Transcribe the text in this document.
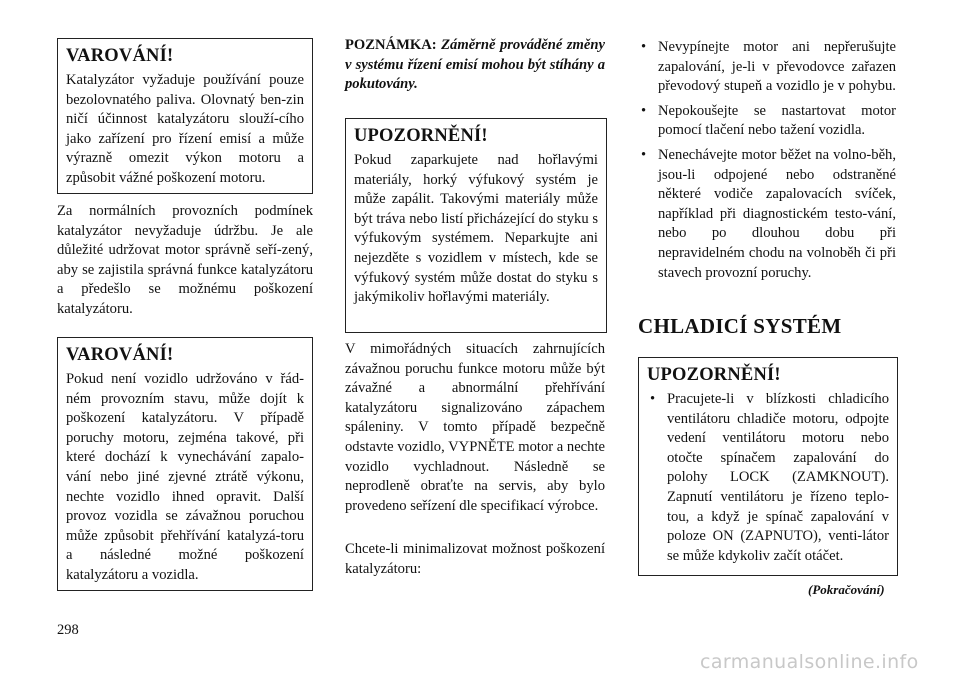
VAROVÁNÍ!
Katalyzátor vyžaduje používání pouze bezolovnatého paliva. Olovnatý ben-zin ničí účinnost katalyzátoru slouží-cího jako zařízení pro řízení emisí a může výrazně omezit výkon motoru a způsobit vážné poškození motoru.
Za normálních provozních podmínek katalyzátor nevyžaduje údržbu. Je ale důležité udržovat motor správně seří-zený, aby se zajistila správná funkce katalyzátoru a předešlo se možnému poškození katalyzátoru.
VAROVÁNÍ!
Pokud není vozidlo udržováno v řád-ném provozním stavu, může dojít k poškození katalyzátoru. V případě poruchy motoru, zejména takové, při které dochází k vynechávání zapalo-vání nebo jiné zjevné ztrátě výkonu, nechte vozidlo ihned opravit. Další provoz vozidla se závažnou poruchou může způsobit přehřívání katalyzá-toru a následné možné poškození katalyzátoru a vozidla.
POZNÁMKA: Záměrně prováděné změny v systému řízení emisí mohou být stíhány a pokutovány.
UPOZORNĚNÍ!
Pokud zaparkujete nad hořlavými materiály, horký výfukový systém je může zapálit. Takovými materiály může být tráva nebo listí přicházející do styku s výfukovým systémem. Neparkujte ani nejezděte s vozidlem v místech, kde se výfukový systém může dostat do styku s jakýmikoliv hořlavými materiály.
V mimořádných situacích zahrnujících závažnou poruchu funkce motoru může být závažné a abnormální přehřívání katalyzátoru signalizováno zápachem spáleniny. V tomto případě bezpečně odstavte vozidlo, VYPNĚTE motor a nechte vozidlo vychladnout. Následně se neprodleně obraťte na servis, aby bylo provedeno seřízení dle specifikací výrobce.
Chcete-li minimalizovat možnost poškození katalyzátoru:
• Nevypínejte motor ani nepřerušujte zapalování, je-li v převodovce zařazen převodový stupeň a vozidlo je v pohybu.
• Nepokoušejte se nastartovat motor pomocí tlačení nebo tažení vozidla.
• Nenechávejte motor běžet na volno-běh, jsou-li odpojené nebo odstraněné některé vodiče zapalovacích svíček, například při diagnostickém testo-vání, nebo po dlouhou dobu při nepravidelném chodu na volnoběh či při stavech provozní poruchy.
CHLADICÍ SYSTÉM
UPOZORNĚNÍ!
• Pracujete-li v blízkosti chladicího ventilátoru chladiče motoru, odpojte vedení ventilátoru motoru nebo otočte spínačem zapalování do polohy LOCK (ZAMKNOUT). Zapnutí ventilátoru je řízeno teplo-tou, a když je spínač zapalování v poloze ON (ZAPNUTO), venti-látor se může kdykoliv začít otáčet.
(Pokračování)
298
carmanualsonline.info
